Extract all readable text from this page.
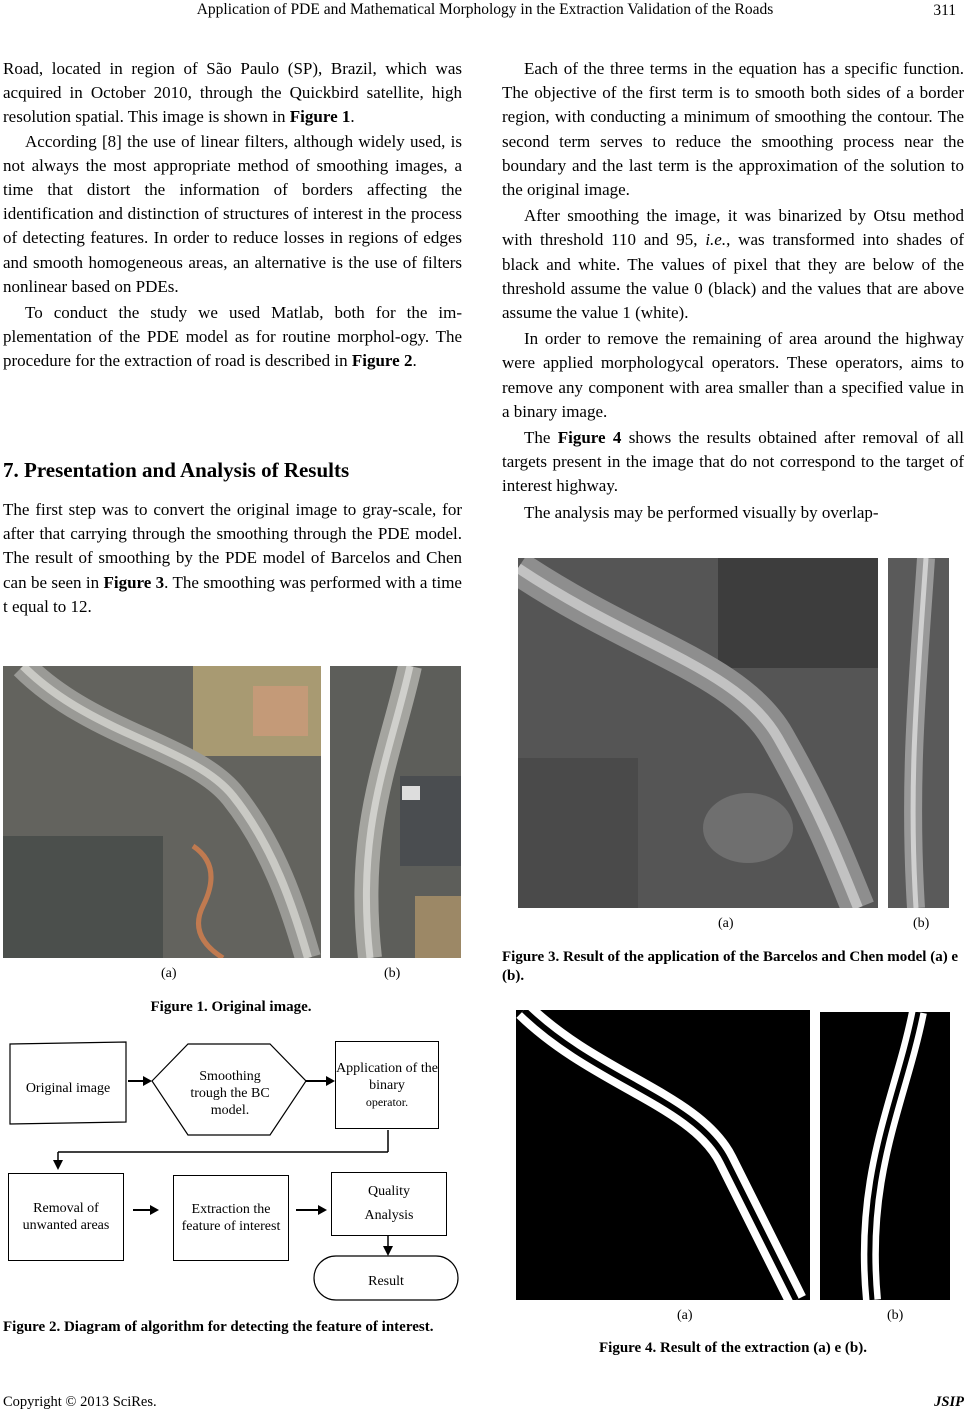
Application of PDE and Mathematical Morphology in the Extraction Validation of the Roads	311

Road, located in region of São Paulo (SP), Brazil, which was acquired in October 2010, through the Quickbird satellite, high resolution spatial. This image is shown in Figure 1.

According [8] the use of linear filters, although widely used, is not always the most appropriate method of smoothing images, a time that distort the information of borders affecting the identification and distinction of structures of interest in the process of detecting features. In order to reduce losses in regions of edges and smooth homogeneous areas, an alternative is the use of filters nonlinear based on PDEs.

To conduct the study we used Matlab, both for the im-plementation of the PDE model as for routine morphol-ogy. The procedure for the extraction of road is described in Figure 2.

7. Presentation and Analysis of Results

The first step was to convert the original image to gray-scale, for after that carrying through the smoothing through the PDE model. The result of smoothing by the PDE model of Barcelos and Chen can be seen in Figure 3. The smoothing was performed with a time t equal to 12.

(a)	(b)
Figure 1. Original image.
Original image
Smoothing trough the BC model.
Application of the binary
operator.
Removal of unwanted areas
Extraction the feature of interest
Quality
Analysis
Result
Figure 2. Diagram of algorithm for detecting the feature of interest.

Each of the three terms in the equation has a specific function. The objective of the first term is to smooth both sides of a border region, with conducting a minimum of smoothing the contour. The second term serves to reduce the smoothing process near the boundary and the last term is the approximation of the solution to the original image.

After smoothing the image, it was binarized by Otsu method with threshold 110 and 95, i.e., was transformed into shades of black and white. The values of pixel that they are below of the threshold assume the value 0 (black) and the values that are above assume the value 1 (white).

In order to remove the remaining of area around the highway were applied morphologycal operators. These operators, aims to remove any component with area smaller than a specified value in a binary image.

The Figure 4 shows the results obtained after removal of all targets present in the image that do not correspond to the target of interest highway.

The analysis may be performed visually by overlap-

(a)	(b)
Figure 3. Result of the application of the Barcelos and Chen model (a) e (b).
(a)	(b)
Figure 4. Result of the extraction (a) e (b).
Copyright © 2013 SciRes.	JSIP
